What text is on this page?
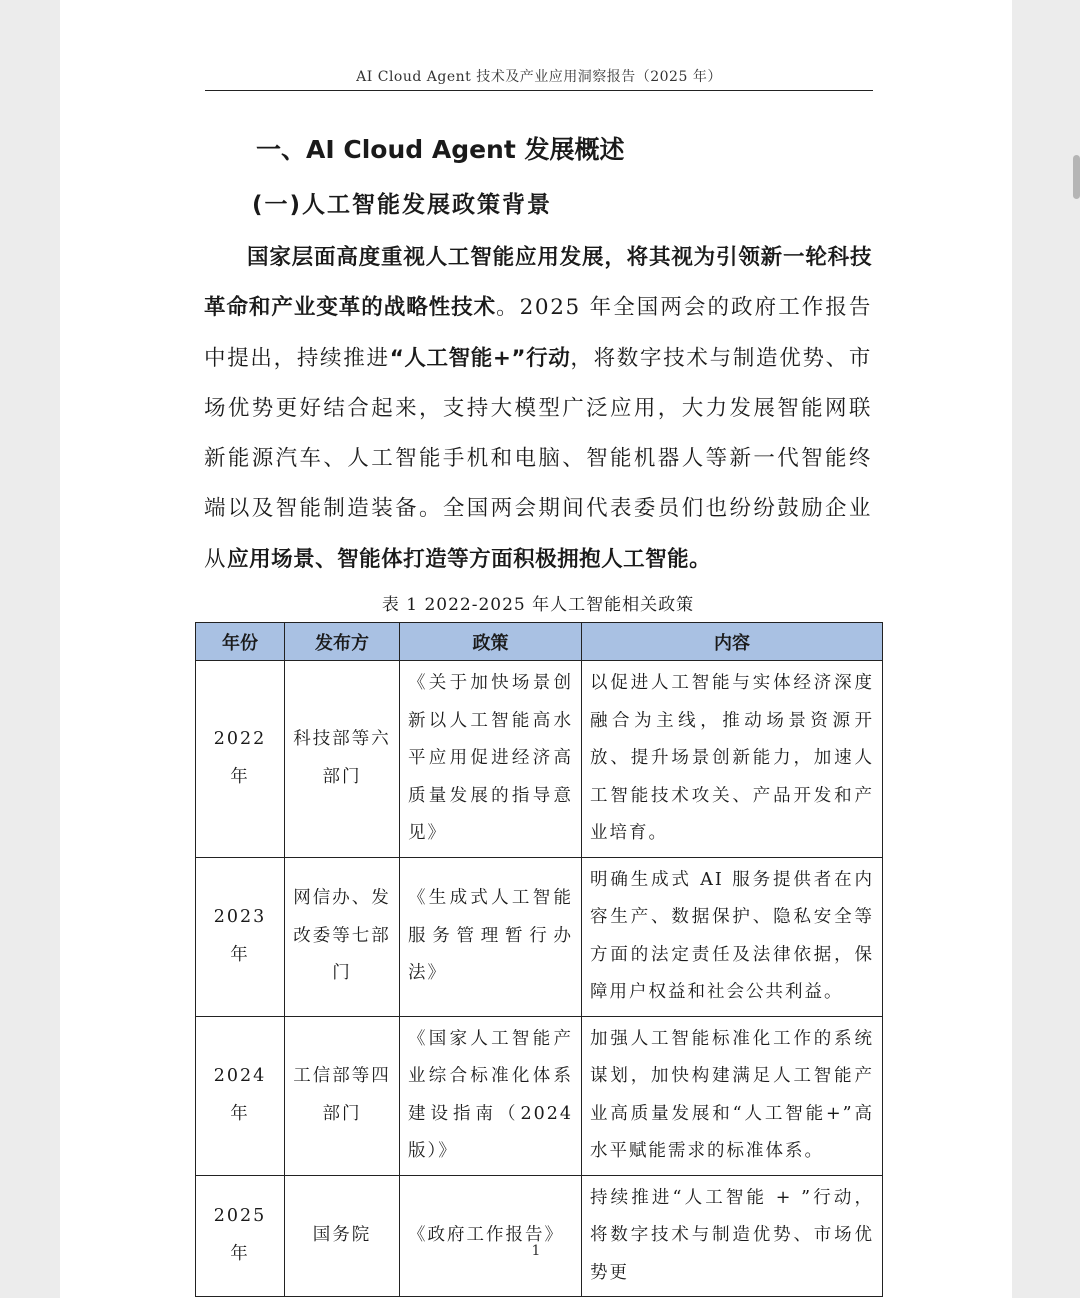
AI Cloud Agent 技术及产业应用洞察报告（2025 年）
一、AI Cloud Agent 发展概述
(一)人工智能发展政策背景
国家层面高度重视人工智能应用发展，将其视为引领新一轮科技革命和产业变革的战略性技术。2025 年全国两会的政府工作报告中提出，持续推进“人工智能+”行动，将数字技术与制造优势、市场优势更好结合起来，支持大模型广泛应用，大力发展智能网联新能源汽车、人工智能手机和电脑、智能机器人等新一代智能终端以及智能制造装备。全国两会期间代表委员们也纷纷鼓励企业从应用场景、智能体打造等方面积极拥抱人工智能。
表 1 2022-2025 年人工智能相关政策
年份	发布方	政策	内容
2022 年	科技部等六部门	《关于加快场景创新以人工智能高水平应用促进经济高质量发展的指导意见》	以促进人工智能与实体经济深度融合为主线，推动场景资源开放、提升场景创新能力，加速人工智能技术攻关、产品开发和产业培育。
2023 年	网信办、发改委等七部门	《生成式人工智能服务管理暂行办法》	明确生成式 AI 服务提供者在内容生产、数据保护、隐私安全等方面的法定责任及法律依据，保障用户权益和社会公共利益。
2024 年	工信部等四部门	《国家人工智能产业综合标准化体系建设指南（2024 版）》	加强人工智能标准化工作的系统谋划，加快构建满足人工智能产业高质量发展和“人工智能+”高水平赋能需求的标准体系。
2025 年	国务院	《政府工作报告》	持续推进“人工智能 + ”行动，将数字技术与制造优势、市场优势更
1
